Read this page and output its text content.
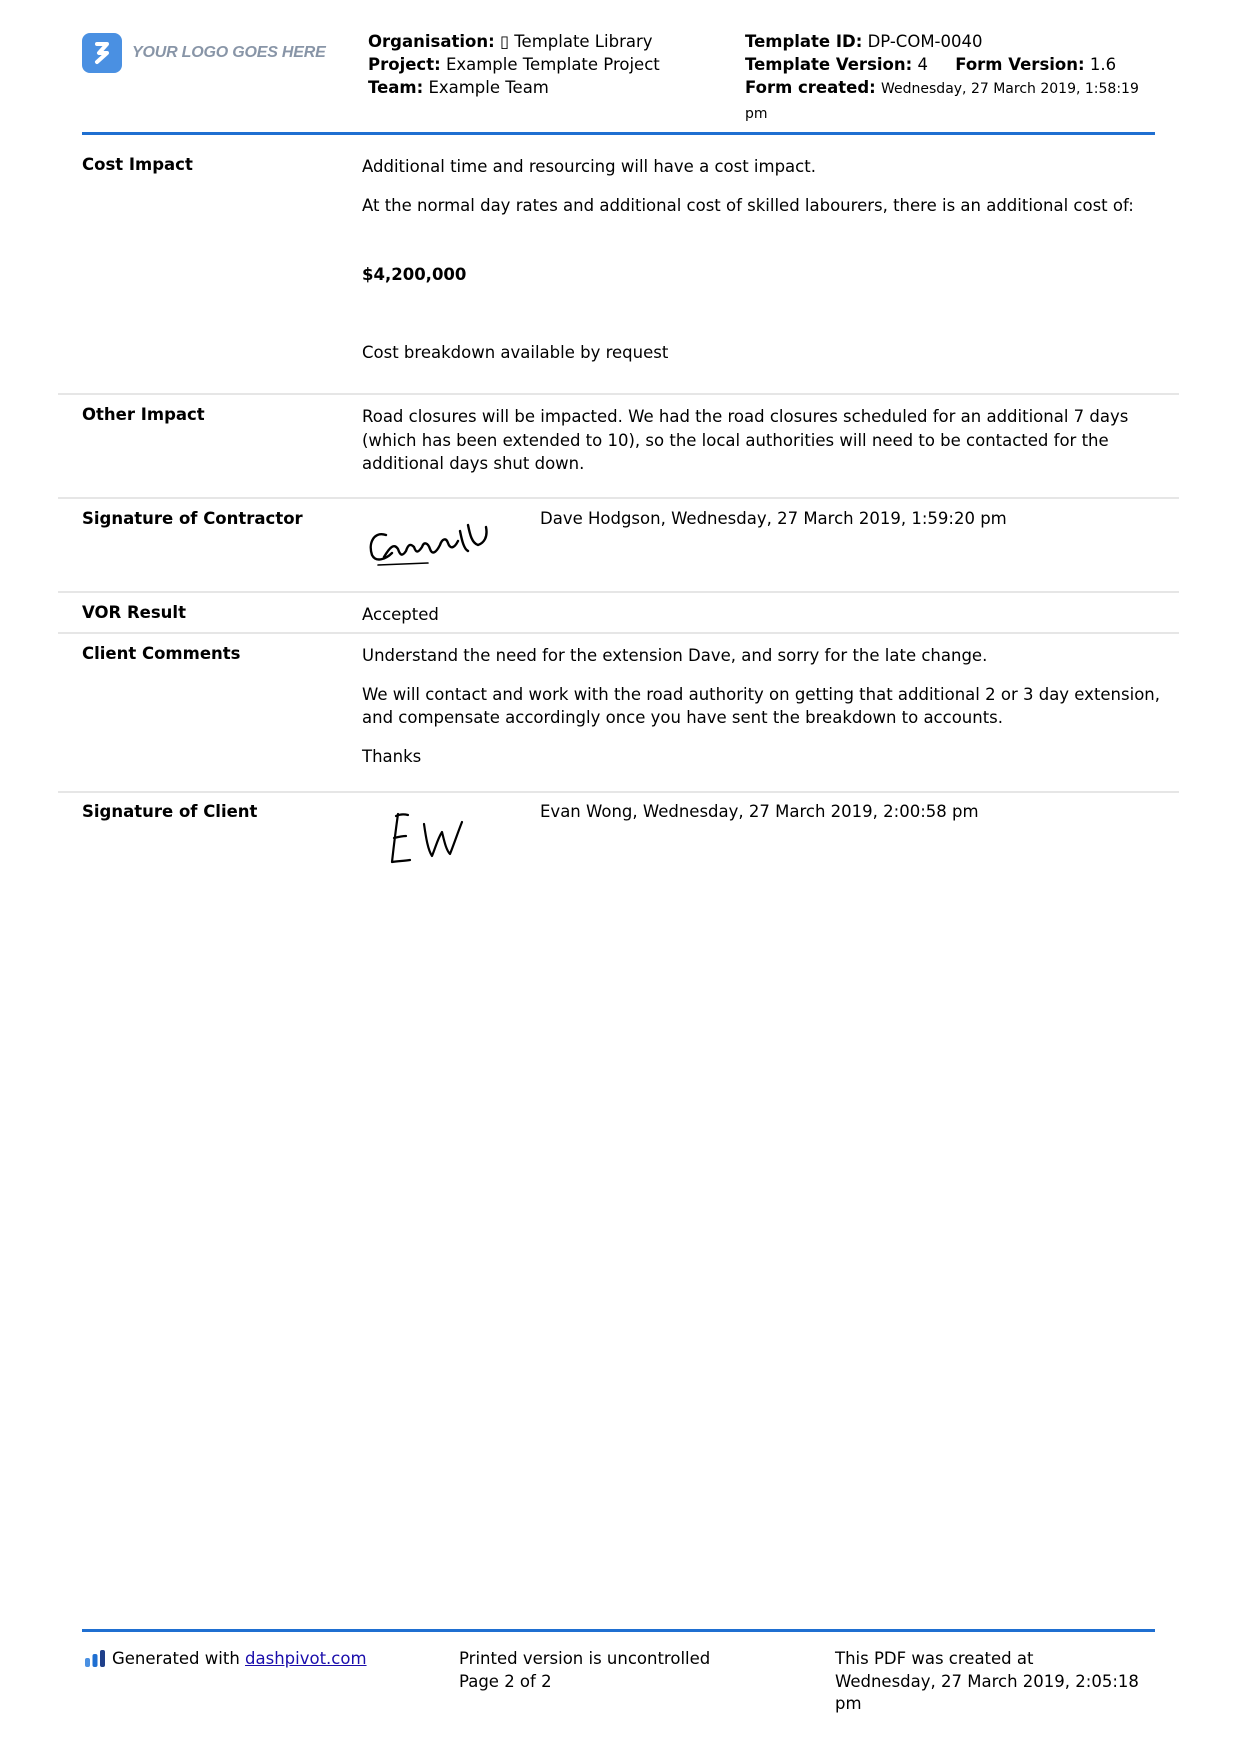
YOUR LOGO GOES HERE
Organisation: ▯ Template Library
Project: Example Template Project
Team: Example Team
Template ID: DP-COM-0040
Template Version: 4 Form Version: 1.6
Form created: Wednesday, 27 March 2019, 1:58:19 pm
Cost Impact	Additional time and resourcing will have a cost impact.

At the normal day rates and additional cost of skilled labourers, there is an additional cost of:

$4,200,000

Cost breakdown available by request

Other Impact	Road closures will be impacted. We had the road closures scheduled for an additional 7 days (which has been extended to 10), so the local authorities will need to be contacted for the additional days shut down.
Signature of Contractor	Dave Hodgson, Wednesday, 27 March 2019, 1:59:20 pm
VOR Result	Accepted
Client Comments	Understand the need for the extension Dave, and sorry for the late change.

We will contact and work with the road authority on getting that additional 2 or 3 day extension, and compensate accordingly once you have sent the breakdown to accounts.

Thanks

Signature of Client	Evan Wong, Wednesday, 27 March 2019, 2:00:58 pm
Generated with dashpivot.com	Printed version is uncontrolled
Page 2 of 2
This PDF was created at
Wednesday, 27 March 2019, 2:05:18 pm
